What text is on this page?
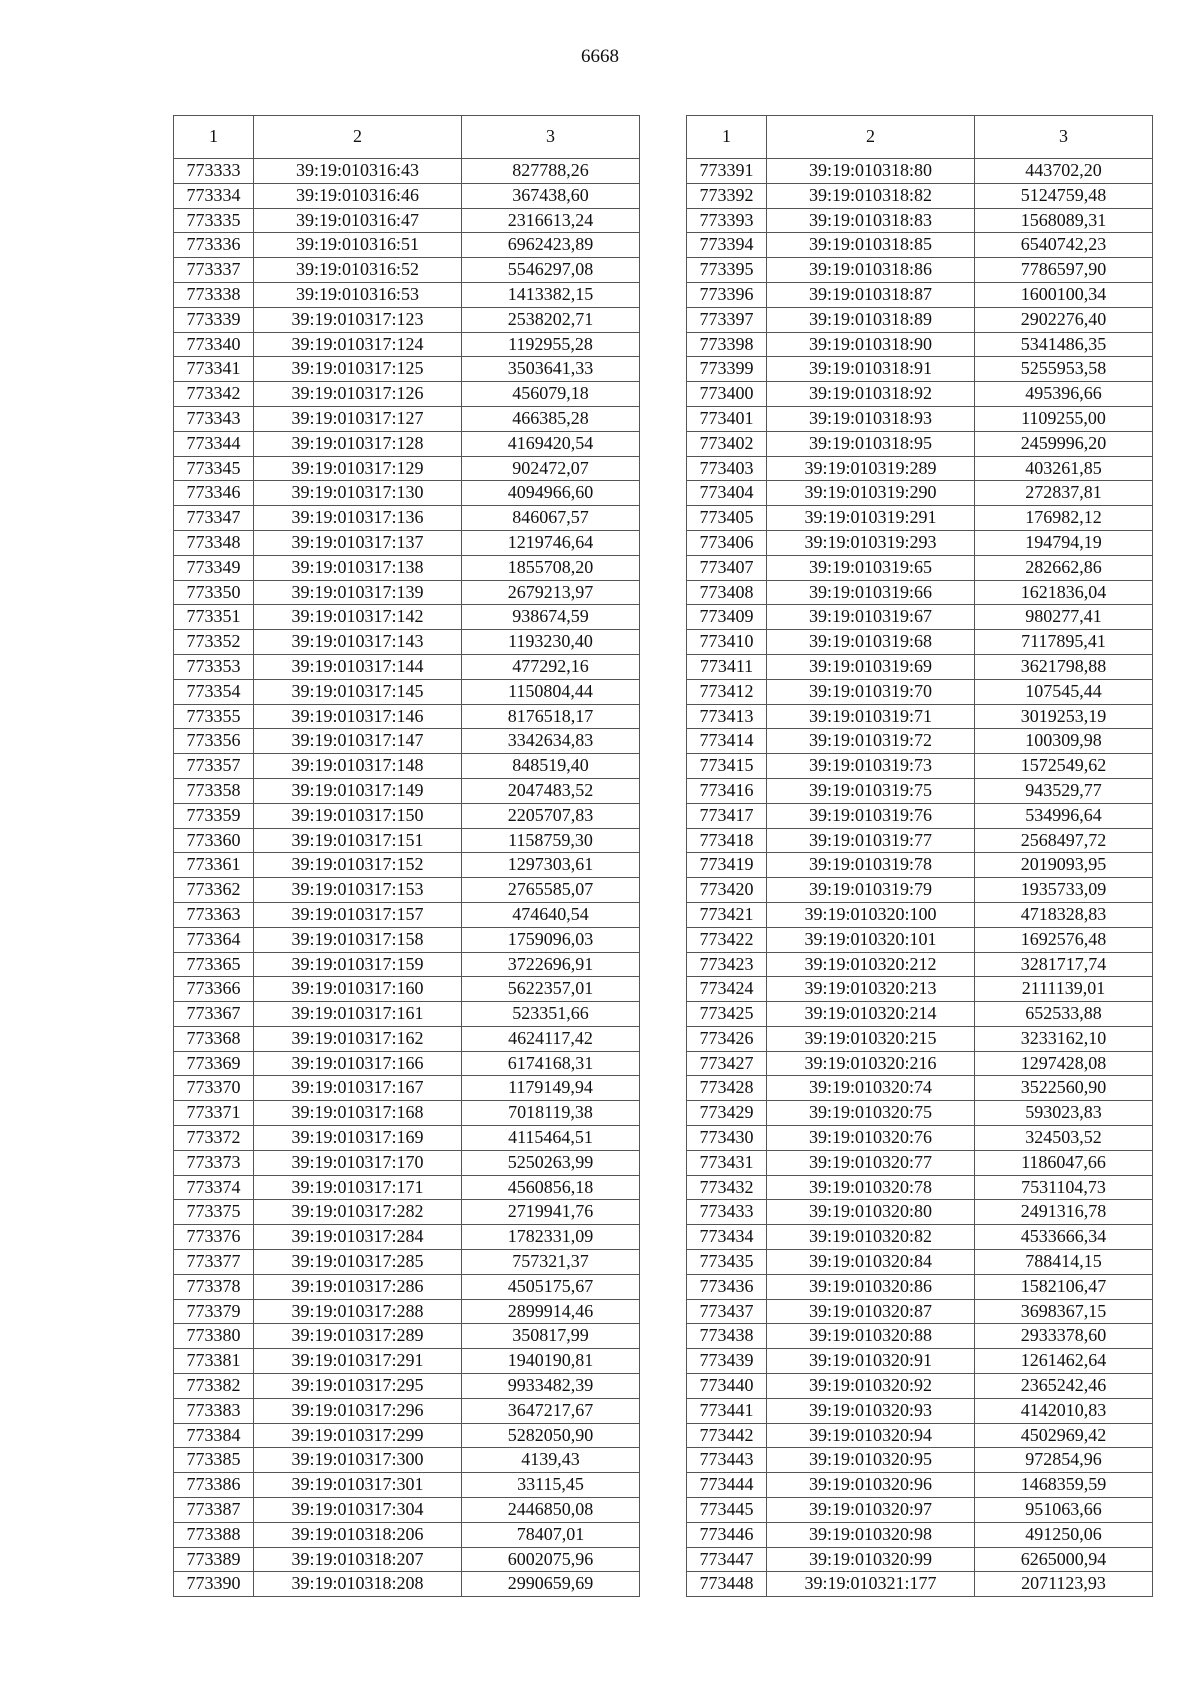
6668
1	2	3
773333	39:19:010316:43	827788,26
773334	39:19:010316:46	367438,60
773335	39:19:010316:47	2316613,24
773336	39:19:010316:51	6962423,89
773337	39:19:010316:52	5546297,08
773338	39:19:010316:53	1413382,15
773339	39:19:010317:123	2538202,71
773340	39:19:010317:124	1192955,28
773341	39:19:010317:125	3503641,33
773342	39:19:010317:126	456079,18
773343	39:19:010317:127	466385,28
773344	39:19:010317:128	4169420,54
773345	39:19:010317:129	902472,07
773346	39:19:010317:130	4094966,60
773347	39:19:010317:136	846067,57
773348	39:19:010317:137	1219746,64
773349	39:19:010317:138	1855708,20
773350	39:19:010317:139	2679213,97
773351	39:19:010317:142	938674,59
773352	39:19:010317:143	1193230,40
773353	39:19:010317:144	477292,16
773354	39:19:010317:145	1150804,44
773355	39:19:010317:146	8176518,17
773356	39:19:010317:147	3342634,83
773357	39:19:010317:148	848519,40
773358	39:19:010317:149	2047483,52
773359	39:19:010317:150	2205707,83
773360	39:19:010317:151	1158759,30
773361	39:19:010317:152	1297303,61
773362	39:19:010317:153	2765585,07
773363	39:19:010317:157	474640,54
773364	39:19:010317:158	1759096,03
773365	39:19:010317:159	3722696,91
773366	39:19:010317:160	5622357,01
773367	39:19:010317:161	523351,66
773368	39:19:010317:162	4624117,42
773369	39:19:010317:166	6174168,31
773370	39:19:010317:167	1179149,94
773371	39:19:010317:168	7018119,38
773372	39:19:010317:169	4115464,51
773373	39:19:010317:170	5250263,99
773374	39:19:010317:171	4560856,18
773375	39:19:010317:282	2719941,76
773376	39:19:010317:284	1782331,09
773377	39:19:010317:285	757321,37
773378	39:19:010317:286	4505175,67
773379	39:19:010317:288	2899914,46
773380	39:19:010317:289	350817,99
773381	39:19:010317:291	1940190,81
773382	39:19:010317:295	9933482,39
773383	39:19:010317:296	3647217,67
773384	39:19:010317:299	5282050,90
773385	39:19:010317:300	4139,43
773386	39:19:010317:301	33115,45
773387	39:19:010317:304	2446850,08
773388	39:19:010318:206	78407,01
773389	39:19:010318:207	6002075,96
773390	39:19:010318:208	2990659,69
1	2	3
773391	39:19:010318:80	443702,20
773392	39:19:010318:82	5124759,48
773393	39:19:010318:83	1568089,31
773394	39:19:010318:85	6540742,23
773395	39:19:010318:86	7786597,90
773396	39:19:010318:87	1600100,34
773397	39:19:010318:89	2902276,40
773398	39:19:010318:90	5341486,35
773399	39:19:010318:91	5255953,58
773400	39:19:010318:92	495396,66
773401	39:19:010318:93	1109255,00
773402	39:19:010318:95	2459996,20
773403	39:19:010319:289	403261,85
773404	39:19:010319:290	272837,81
773405	39:19:010319:291	176982,12
773406	39:19:010319:293	194794,19
773407	39:19:010319:65	282662,86
773408	39:19:010319:66	1621836,04
773409	39:19:010319:67	980277,41
773410	39:19:010319:68	7117895,41
773411	39:19:010319:69	3621798,88
773412	39:19:010319:70	107545,44
773413	39:19:010319:71	3019253,19
773414	39:19:010319:72	100309,98
773415	39:19:010319:73	1572549,62
773416	39:19:010319:75	943529,77
773417	39:19:010319:76	534996,64
773418	39:19:010319:77	2568497,72
773419	39:19:010319:78	2019093,95
773420	39:19:010319:79	1935733,09
773421	39:19:010320:100	4718328,83
773422	39:19:010320:101	1692576,48
773423	39:19:010320:212	3281717,74
773424	39:19:010320:213	2111139,01
773425	39:19:010320:214	652533,88
773426	39:19:010320:215	3233162,10
773427	39:19:010320:216	1297428,08
773428	39:19:010320:74	3522560,90
773429	39:19:010320:75	593023,83
773430	39:19:010320:76	324503,52
773431	39:19:010320:77	1186047,66
773432	39:19:010320:78	7531104,73
773433	39:19:010320:80	2491316,78
773434	39:19:010320:82	4533666,34
773435	39:19:010320:84	788414,15
773436	39:19:010320:86	1582106,47
773437	39:19:010320:87	3698367,15
773438	39:19:010320:88	2933378,60
773439	39:19:010320:91	1261462,64
773440	39:19:010320:92	2365242,46
773441	39:19:010320:93	4142010,83
773442	39:19:010320:94	4502969,42
773443	39:19:010320:95	972854,96
773444	39:19:010320:96	1468359,59
773445	39:19:010320:97	951063,66
773446	39:19:010320:98	491250,06
773447	39:19:010320:99	6265000,94
773448	39:19:010321:177	2071123,93
